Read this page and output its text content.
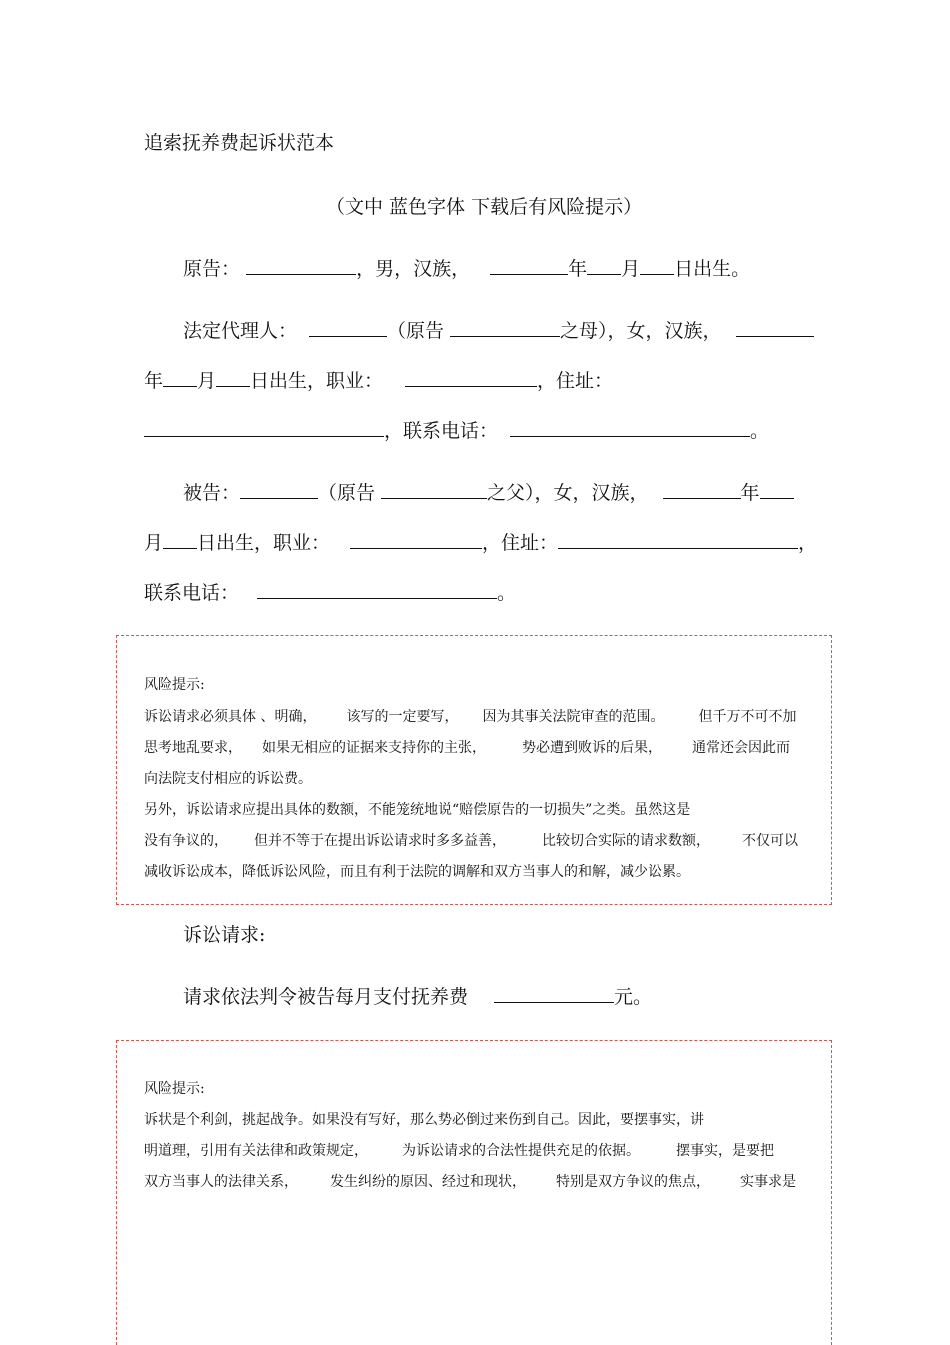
追索抚养费起诉状范本
（文中 蓝色字体 下载后有风险提示）
原告：	，男，汉族，	年 月 日出生。
法定代理人：	（原告	之母），女，汉族，
年 月 日出生，职业：	，住址：
，联系电话：	。
被告：	（原告	之父），女，汉族，	年
月 日出生，职业：	，住址：	，
联系电话：	。
风险提示:
诉讼请求必须具体 、明确， 该写的一定要写， 因为其事关法院审查的范围。 但千万不可不加
思考地乱要求， 如果无相应的证据来支持你的主张，	势必遭到败诉的后果， 通常还会因此而
向法院支付相应的诉讼费。
另外，诉讼请求应提出具体的数额，不能笼统地说“赔偿原告的一切损失”之类。虽然这是
没有争议的， 但并不等于在提出诉讼请求时多多益善，	比较切合实际的请求数额， 不仅可以
减收诉讼成本，降低诉讼风险，而且有利于法院的调解和双方当事人的和解，减少讼累。
诉讼请求:
请求依法判令被告每月支付抚养费	元。
风险提示:
诉状是个利剑，挑起战争。如果没有写好，那么势必倒过来伤到自己。因此，要摆事实，讲
明道理，引用有关法律和政策规定， 为诉讼请求的合法性提供充足的依据。	摆事实，是要把
双方当事人的法律关系， 发生纠纷的原因、经过和现状， 特别是双方争议的焦点， 实事求是
